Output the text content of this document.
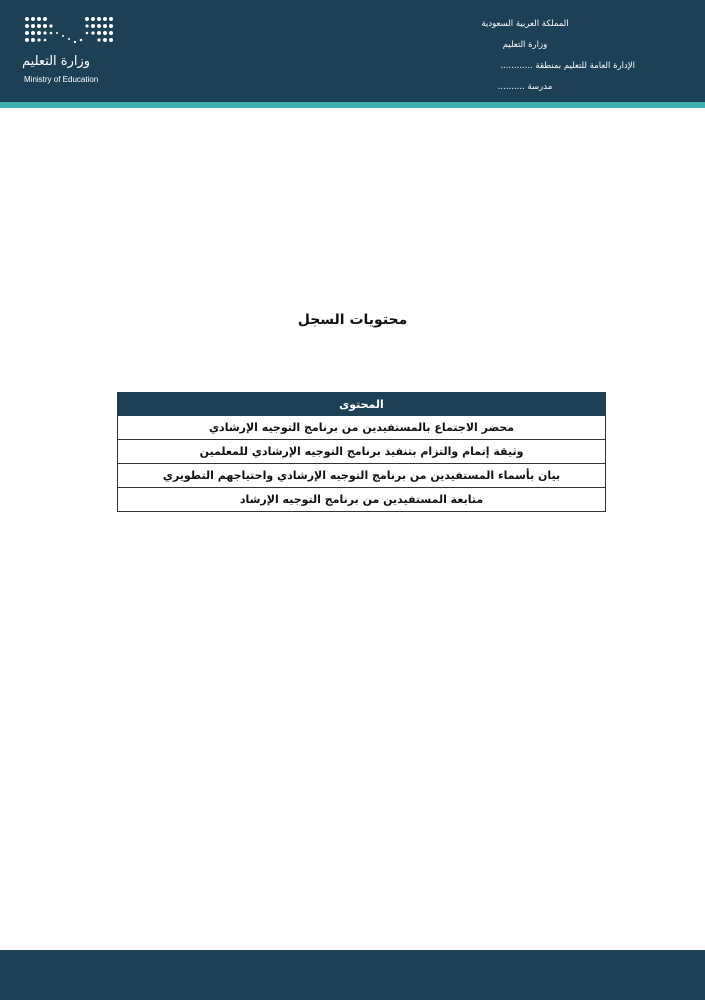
وزارة التعليم
Ministry of Education
المملكة العربية السعودية
وزارة التعليم
الإدارة العامة للتعليم بمنطقة ............
مدرسة ..........
محتويات السجل
المحتوى
محضر الاجتماع بالمستفيدين من برنامج التوجيه الإرشادي
وثيقة إتمام والتزام بتنفيذ برنامج التوجيه الإرشادي للمعلمين
بيان بأسماء المستفيدين من برنامج التوجيه الإرشادي واحتياجهم التطويري
متابعة المستفيدين من برنامج التوجيه الإرشاد
